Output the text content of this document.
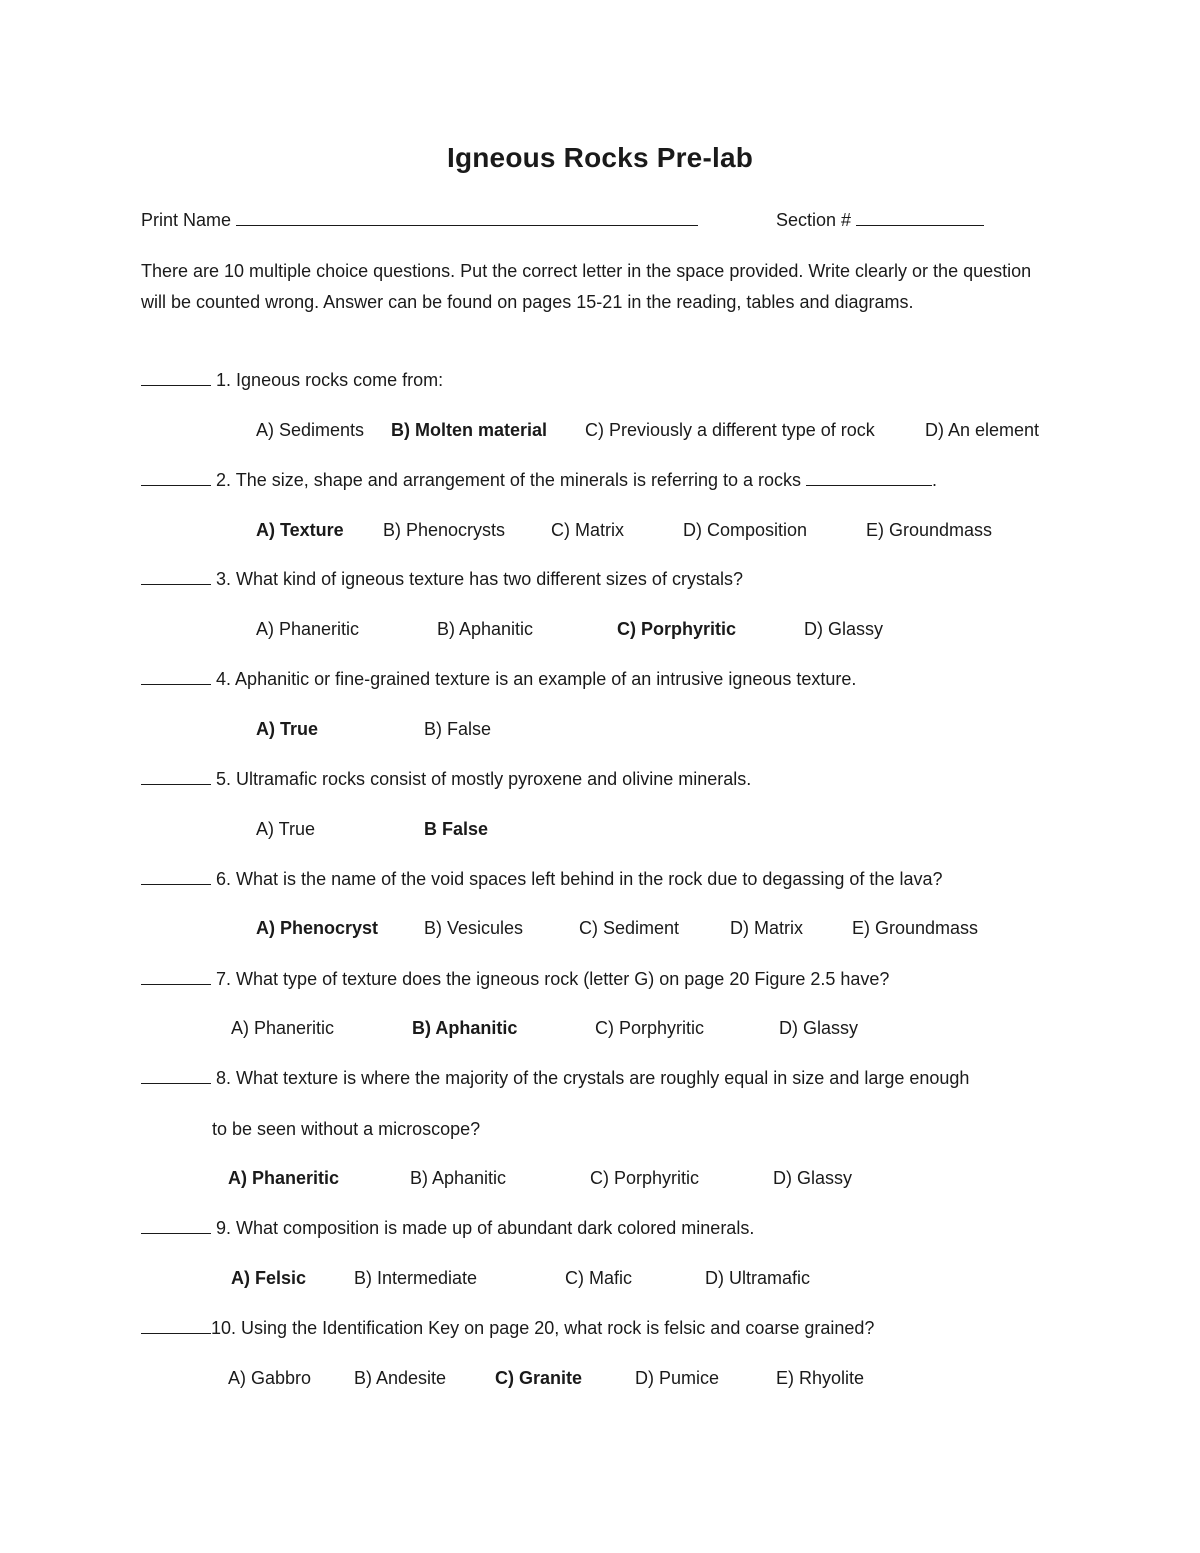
Igneous Rocks Pre-lab
Print Name	Section #
There are 10 multiple choice questions. Put the correct letter in the space provided. Write clearly or the question will be counted wrong. Answer can be found on pages 15-21 in the reading, tables and diagrams.
1. Igneous rocks come from:
A) Sediments B) Molten material C) Previously a different type of rock	D) An element
2. The size, shape and arrangement of the minerals is referring to a rocks	.
A) Texture B) Phenocrysts	C) Matrix	D) Composition	E) Groundmass
3. What kind of igneous texture has two different sizes of crystals?
A) Phaneritic	B) Aphanitic	C) Porphyritic	D) Glassy
4. Aphanitic or fine-grained texture is an example of an intrusive igneous texture.
A) True	B) False
5. Ultramafic rocks consist of mostly pyroxene and olivine minerals.
A) True	B False
6. What is the name of the void spaces left behind in the rock due to degassing of the lava?
A) Phenocryst	B) Vesicules	C) Sediment	D) Matrix	E) Groundmass
7. What type of texture does the igneous rock (letter G) on page 20 Figure 2.5 have?
A) Phaneritic	B) Aphanitic	C) Porphyritic	D) Glassy
8. What texture is where the majority of the crystals are roughly equal in size and large enough
to be seen without a microscope?
A) Phaneritic	B) Aphanitic	C) Porphyritic	D) Glassy
9. What composition is made up of abundant dark colored minerals.
A) Felsic	B) Intermediate	C) Mafic	D) Ultramafic
10. Using the Identification Key on page 20, what rock is felsic and coarse grained?
A) Gabbro B) Andesite	C) Granite	D) Pumice	E) Rhyolite
